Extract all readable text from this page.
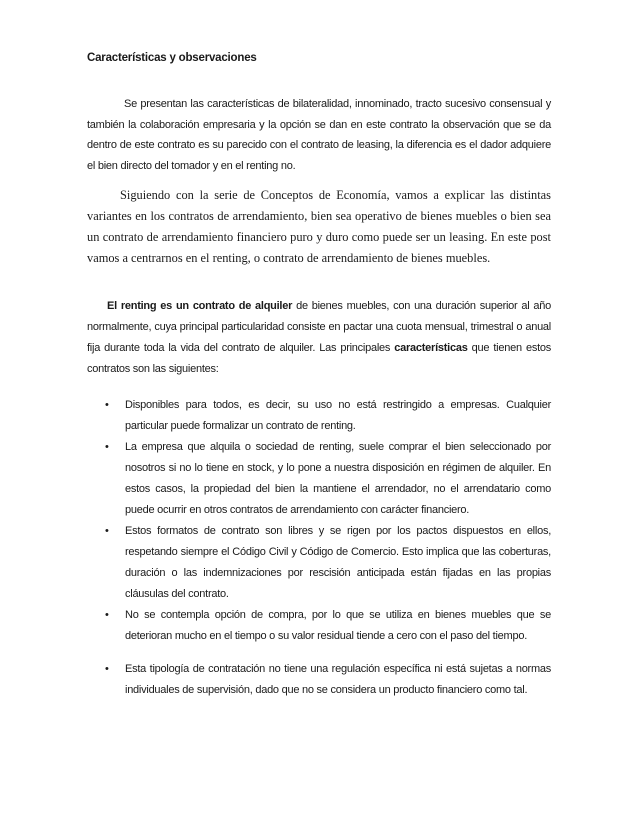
Características y observaciones

Se presentan las características de bilateralidad, innominado, tracto sucesivo consensual y también la colaboración empresaria y la opción se dan en este contrato la observación que se da dentro de este contrato es su parecido con el contrato de leasing, la diferencia es el dador adquiere el bien directo del tomador y en el renting no.

Siguiendo con la serie de Conceptos de Economía, vamos a explicar las distintas variantes en los contratos de arrendamiento, bien sea operativo de bienes muebles o bien sea un contrato de arrendamiento financiero puro y duro como puede ser un leasing. En este post vamos a centrarnos en el renting, o contrato de arrendamiento de bienes muebles.

El renting es un contrato de alquiler de bienes muebles, con una duración superior al año normalmente, cuya principal particularidad consiste en pactar una cuota mensual, trimestral o anual fija durante toda la vida del contrato de alquiler. Las principales características que tienen estos contratos son las siguientes:

• Disponibles para todos, es decir, su uso no está restringido a empresas. Cualquier particular puede formalizar un contrato de renting.
• La empresa que alquila o sociedad de renting, suele comprar el bien seleccionado por nosotros si no lo tiene en stock, y lo pone a nuestra disposición en régimen de alquiler. En estos casos, la propiedad del bien la mantiene el arrendador, no el arrendatario como puede ocurrir en otros contratos de arrendamiento con carácter financiero.
• Estos formatos de contrato son libres y se rigen por los pactos dispuestos en ellos, respetando siempre el Código Civil y Código de Comercio. Esto implica que las coberturas, duración o las indemnizaciones por rescisión anticipada están fijadas en las propias cláusulas del contrato.
• No se contempla opción de compra, por lo que se utiliza en bienes muebles que se deterioran mucho en el tiempo o su valor residual tiende a cero con el paso del tiempo.
• Esta tipología de contratación no tiene una regulación específica ni está sujetas a normas individuales de supervisión, dado que no se considera un producto financiero como tal.
